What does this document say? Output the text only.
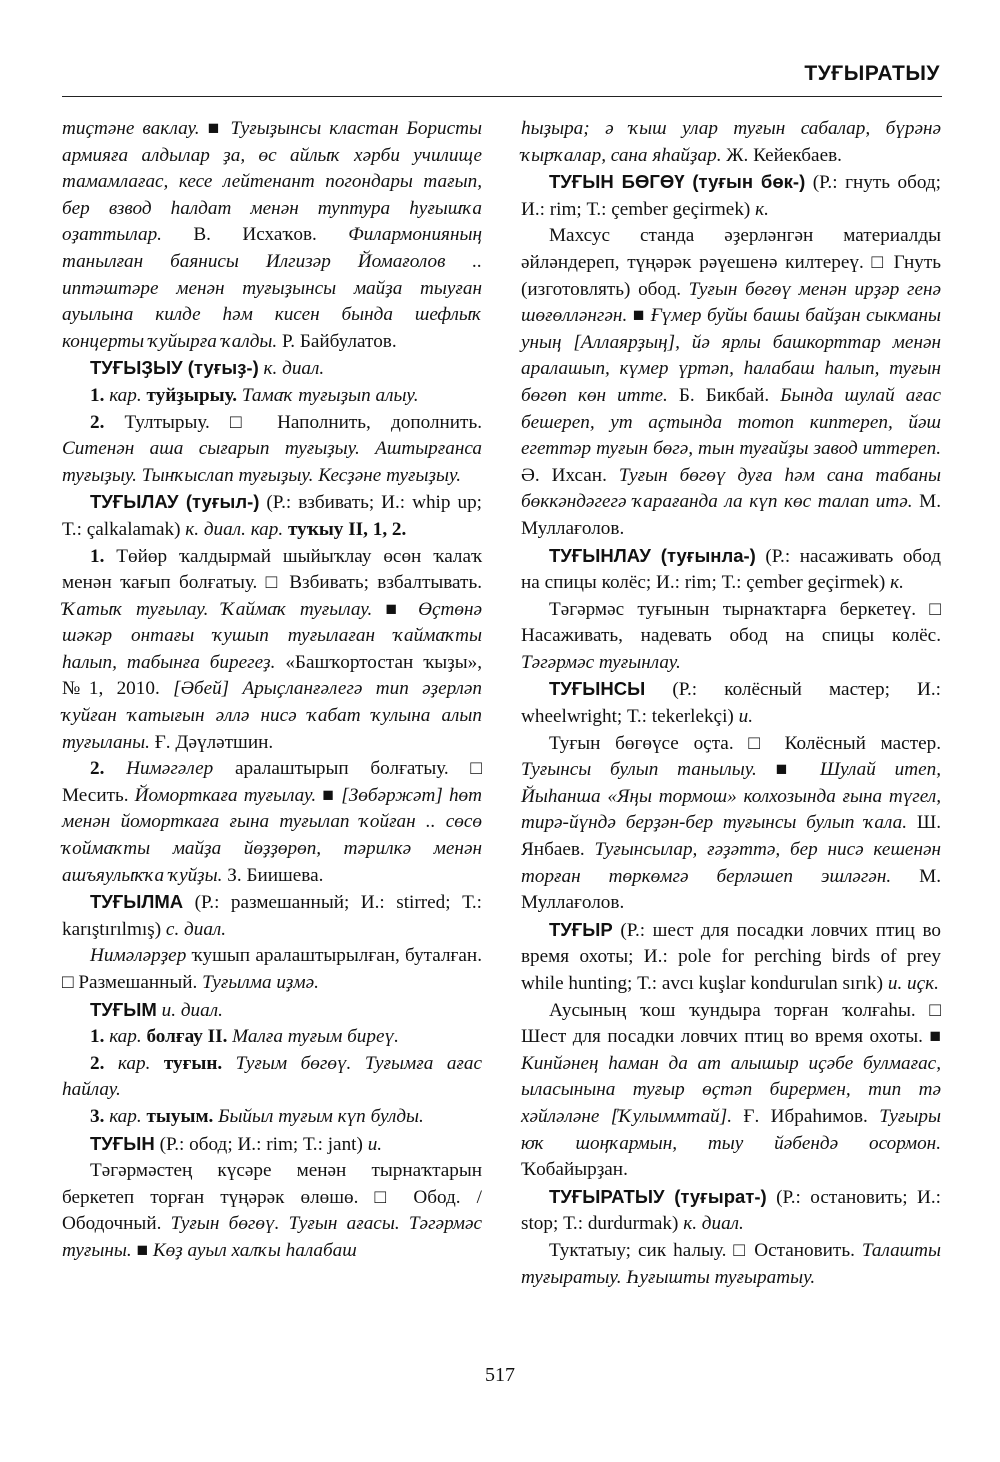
ТУҒЫРАТЫУ

тиҫтәне ваклау. ■ Туғыҙынсы кластан Бористы армияға алдылар ҙа, өс айлыҡ хәрби училище тамамлағас, кесе лейтенант погондары тағып, бер взвод һалдат менән туптура һуғышҡа оҙаттылар. В. Исхаҡов. Филармонияның танылған баянисы Илгизәр Йомағолов .. иптәштәре менән туғыҙынсы майҙа тыуған ауылына килде һәм кисен бында шефлыҡ концерты ҡуйырға ҡалды. Р. Байбулатов.

ТУҒЫҘЫУ (туғыҙ-) к. диал.

1. кар. туйҙырыу. Тамаҡ туғыҙып алыу.

2. Тултырыу. □ Наполнить, дополнить. Ситенән аша сығарып туғыҙыу. Аштырғанса туғыҙыу. Тынҡыслап туғыҙыу. Кесҙәне туғыҙыу.

ТУҒЫЛАУ (туғыл-) (Р.: взбивать; И.: whip up; Т.: çalkalamak) к. диал. кар. туҡыу II, 1, 2.

1. Төйөр ҡалдырмай шыйыҡлау өсөн ҡалаҡ менән ҡағып болғатыу. □ Взбивать; взбалтывать. Ҡатыҡ туғылау. Ҡаймаҡ туғылау. ■ Өҫтөнә шәкәр онтағы ҡушып туғылаған ҡаймаҡты һалып, табынға бирегеҙ. «Башҡортостан ҡыҙы», №1, 2010. [Әбей] Арыҫланғәлегә тип әҙерләп ҡуйған ҡатығын әллә нисә ҡабат ҡулына алып туғыланы. Ғ. Дәүләтшин.

2. Нимәгәлер аралаштырып болғатыу. □ Месить. Йоморткаға туғылау. ■ [Зөбәржәт] һөт менән йоморткаға ғына туғылап ҡойған .. сөсө ҡоймаҡты майҙа йөҙҙөрөп, тәрилкә менән ашъяулыҡҡа ҡуйҙы. З. Биишева.

ТУҒЫЛМА (Р.: размешанный; И.: stirred; Т.: karıştırılmış) с. диал.

Нимәләрҙер ҡушып аралаштырылған, буталған. □ Размешанный. Туғылма иҙмә.

ТУҒЫМ и. диал.

1. кар. болғау II. Малға туғым биреү.

2. кар. туғын. Туғым бөгөү. Туғымға ағас һайлау.

3. кар. тыуым. Быйыл туғым күп булды.

ТУҒЫН (Р.: обод; И.: rim; Т.: jant) и.

Тәгәрмәстең күсәре менән тырнаҡтарын беркетеп торған түңәрәк өлөшө. □ Обод. / Ободочный. Туғын бөгөү. Туғын ағасы. Тәгәрмәс туғыны. ■ Көҙ ауыл халҡы һалабаш

һыҙыра; ә ҡыш улар туғын сабалар, бүрәнә ҡырҡалар, сана яһайҙар. Ж. Кейекбаев.

ТУҒЫН БӨГӨҮ (туғын бөк-) (Р.: гнуть обод; И.: rim; Т.: çember geçirmek) к.

Махсус станда әҙерләнгән материалды әйләндереп, түңәрәк рәүешенә килтереү. □ Гнуть (изготовлять) обод. Туғын бөгөү менән ирҙәр генә шөғөлләнгән. ■ Ғүмер буйы башы байҙан сыкманы уның [Аллаярҙың], йә ярлы башкорттар менән аралашып, күмер үртәп, һалабаш һалып, туғын бөгөп көн итте. Б. Бикбай. Бында шулай ағас бешереп, ут аҫтында тотоп киптереп, йәш егеттәр туғын бөгә, тын туғайҙы завод иттереп. Ә. Ихсан. Туғын бөгөү дуға һәм сана табаны бөккәндәгегә ҡарағанда ла күп көс талап итә. М. Муллағолов.

ТУҒЫНЛАУ (туғынла-) (Р.: насаживать обод на спицы колёс; И.: rim; Т.: çember geçirmek) к.

Тәгәрмәс туғынын тырнаҡтарға беркетеү. □ Насаживать, надевать обод на спицы колёс. Тәгәрмәс туғынлау.

ТУҒЫНСЫ (Р.: колёсный мастер; И.: wheelwright; Т.: tekerlekçi) и.

Туғын бөгөүсе оҫта. □ Колёсный мастер. Туғынсы булып танылыу. ■ Шулай итеп, Йыһанша «Яңы тормош» колхозында ғына түгел, тирә-йүндә берҙән-бер туғынсы булып ҡала. Ш. Янбаев. Туғынсылар, ғәҙәттә, бер нисә кешенән торған төркөмгә берләшеп эшләгән. М. Муллағолов.

ТУҒЫР (Р.: шест для посадки ловчих птиц во время охоты; И.: pole for perching birds of prey while hunting; Т.: avcı kuşlar kondurulan sırık) и. иҫк.

Аусының ҡош ҡундыра торған ҡолғаһы. □ Шест для посадки ловчих птиц во время охоты. ■ Кинйәнең һаман да ат алышыр иҫәбе булмағас, ыласынына туғыр өҫтәп бирермен, тип тә хәйләләне [Ҡулыммтай]. Ғ. Ибраһимов. Туғыры юҡ шоңҡармын, тыу йәбендә осормон. Ҡобайырҙан.

ТУҒЫРАТЫУ (туғырат-) (Р.: остановить; И.: stop; Т.: durdurmak) к. диал.

Туктатыу; сик һалыу. □ Остановить. Талашты туғыратыу. Һуғышты туғыратыу.

517
